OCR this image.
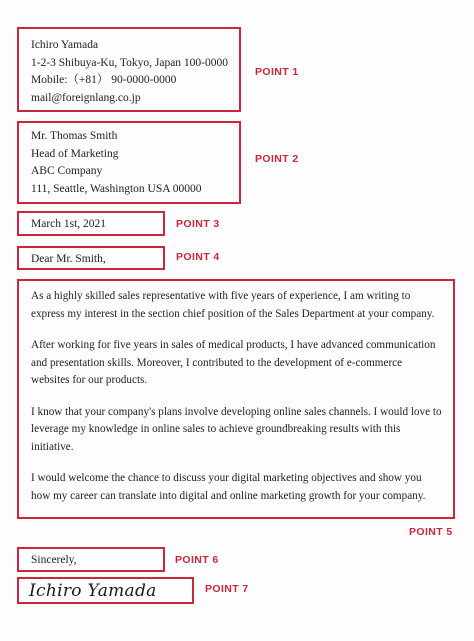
Ichiro Yamada
1-2-3 Shibuya-Ku, Tokyo, Japan 100-0000
Mobile:（+81） 90-0000-0000
mail@foreignlang.co.jp
POINT 1
Mr. Thomas Smith
Head of Marketing
ABC Company
111, Seattle, Washington USA 00000
POINT 2
March 1st, 2021	POINT 3
Dear Mr. Smith,	POINT 4

As a highly skilled sales representative with five years of experience, I am writing to express my interest in the section chief position of the Sales Department at your company.

After working for five years in sales of medical products, I have advanced communication and presentation skills. Moreover, I contributed to the development of e-commerce websites for our products.

I know that your company's plans involve developing online sales channels. I would love to leverage my knowledge in online sales to achieve groundbreaking results with this initiative.

I would welcome the chance to discuss your digital marketing objectives and show you how my career can translate into digital and online marketing growth for your company.

POINT 5
Sincerely,	POINT 6
Ichiro Yamada	POINT 7
